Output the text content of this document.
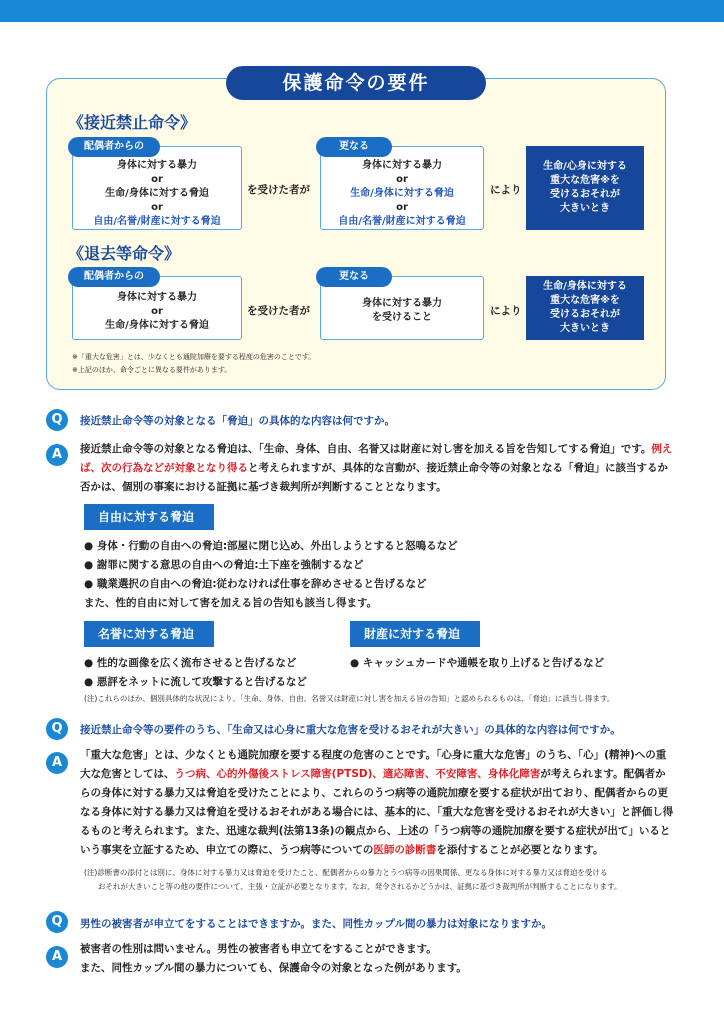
保護命令の要件
《接近禁止命令》
身体に対する暴力
or
生命/身体に対する脅迫
or
自由/名誉/財産に対する脅迫
配偶者からの
を受けた者が
身体に対する暴力
or
生命/身体に対する脅迫
or
自由/名誉/財産に対する脅迫
更なる
により
生命/心身に対する
重大な危害※を
受けるおそれが
大きいとき
《退去等命令》
身体に対する暴力
or
生命/身体に対する脅迫
配偶者からの
を受けた者が
身体に対する暴力
を受けること
更なる
により
生命/身体に対する
重大な危害※を
受けるおそれが
大きいとき
※「重大な危害」とは、少なくとも通院加療を要する程度の危害のことです。
※上記のほか、命令ごとに異なる要件があります。
Q	接近禁止命令等の対象となる「脅迫」の具体的な内容は何ですか。
A	接近禁止命令等の対象となる脅迫は、「生命、身体、自由、名誉又は財産に対し害を加える旨を告知してする脅迫」です。例えば、次の行為などが対象となり得ると考えられますが、具体的な言動が、接近禁止命令等の対象となる「脅迫」に該当するか否かは、個別の事案における証拠に基づき裁判所が判断することとなります。
自由に対する脅迫
● 身体・行動の自由への脅迫:部屋に閉じ込め、外出しようとすると怒鳴るなど
● 謝罪に関する意思の自由への脅迫:土下座を強制するなど
● 職業選択の自由への脅迫:従わなければ仕事を辞めさせると告げるなど
また、性的自由に対して害を加える旨の告知も該当し得ます。
名誉に対する脅迫
● 性的な画像を広く流布させると告げるなど
● 悪評をネットに流して攻撃すると告げるなど
財産に対する脅迫
● キャッシュカードや通帳を取り上げると告げるなど
(注)これらのほか、個別具体的な状況により、「生命、身体、自由、名誉又は財産に対し害を加える旨の告知」と認められるものは、「脅迫」に該当し得ます。
Q	接近禁止命令等の要件のうち、「生命又は心身に重大な危害を受けるおそれが大きい」の具体的な内容は何ですか。
A	「重大な危害」とは、少なくとも通院加療を要する程度の危害のことです。「心身に重大な危害」のうち、「心」(精神)への重大な危害としては、うつ病、心的外傷後ストレス障害(PTSD)、適応障害、不安障害、身体化障害が考えられます。配偶者からの身体に対する暴力又は脅迫を受けたことにより、これらのうつ病等の通院加療を要する症状が出ており、配偶者からの更なる身体に対する暴力又は脅迫を受けるおそれがある場合には、基本的に、「重大な危害を受けるおそれが大きい」と評価し得るものと考えられます。また、迅速な裁判(法第13条)の観点から、上述の「うつ病等の通院加療を要する症状が出て」いるという事実を立証するため、申立ての際に、うつ病等についての医師の診断書を添付することが必要となります。
(注)診断書の添付とは別に、身体に対する暴力又は脅迫を受けたこと、配偶者からの暴力とうつ病等の因果関係、更なる身体に対する暴力又は脅迫を受ける
おそれが大きいこと等の他の要件について、主張・立証が必要となります。なお、発令されるかどうかは、証拠に基づき裁判所が判断することになります。
Q	男性の被害者が申立てをすることはできますか。また、同性カップル間の暴力は対象になりますか。
A	被害者の性別は問いません。男性の被害者も申立てをすることができます。
また、同性カップル間の暴力についても、保護命令の対象となった例があります。
